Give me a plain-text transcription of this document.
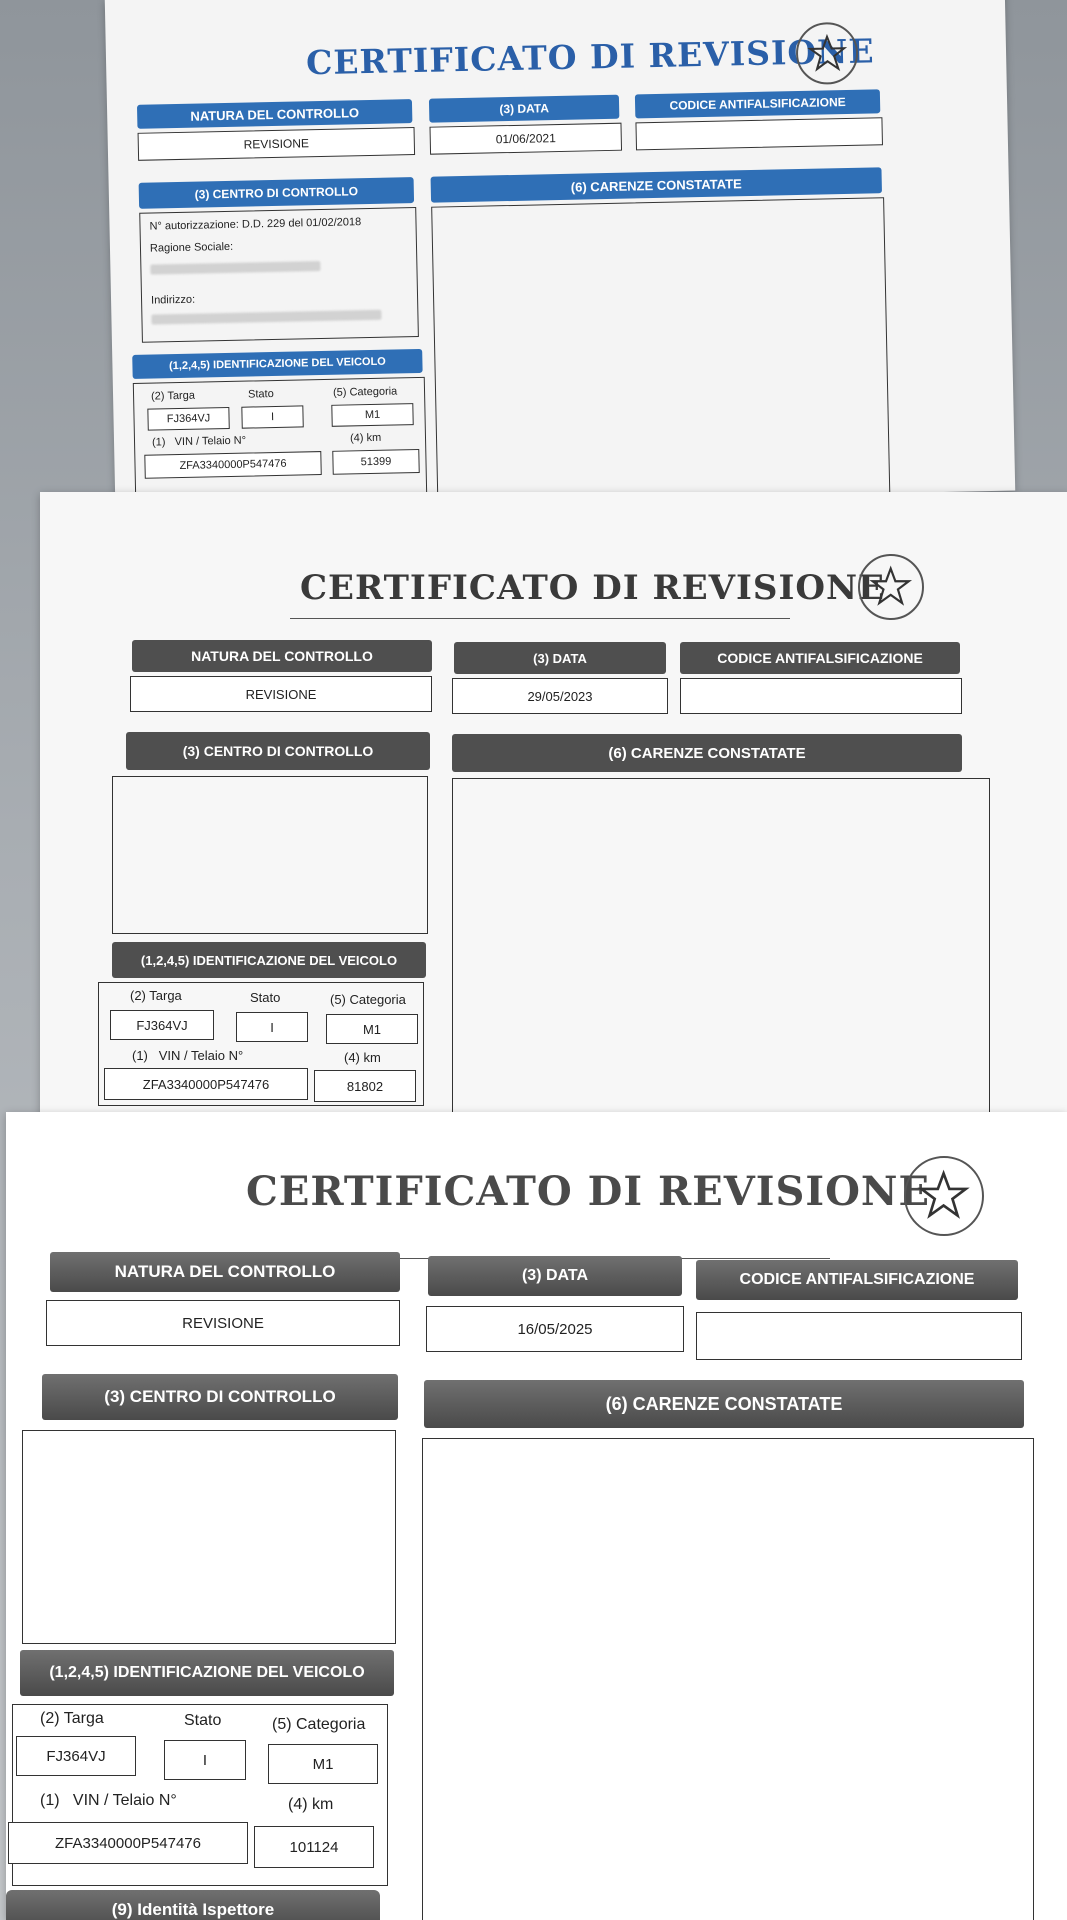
CERTIFICATO DI REVISIONE
NATURA DEL CONTROLLO
REVISIONE
(3) DATA
01/06/2021
CODICE ANTIFALSIFICAZIONE
(3) CENTRO DI CONTROLLO
N° autorizzazione: D.D. 229 del 01/02/2018
Ragione Sociale:
Indirizzo:
(6) CARENZE CONSTATATE
(1,2,4,5) IDENTIFICAZIONE DEL VEICOLO
(2) Targa	Stato	(5) Categoria
FJ364VJ	I	M1
(1)   VIN / Telaio N°	(4) km
ZFA3340000P547476	51399
CERTIFICATO DI REVISIONE
NATURA DEL CONTROLLO
REVISIONE
(3) DATA
29/05/2023
CODICE ANTIFALSIFICAZIONE
(3) CENTRO DI CONTROLLO	(6) CARENZE CONSTATATE
(1,2,4,5) IDENTIFICAZIONE DEL VEICOLO
(2) Targa	Stato	(5) Categoria
FJ364VJ	I	M1
(1)   VIN / Telaio N°	(4) km
ZFA3340000P547476	81802
CERTIFICATO DI REVISIONE
NATURA DEL CONTROLLO
REVISIONE
(3) DATA
16/05/2025
CODICE ANTIFALSIFICAZIONE
(3) CENTRO DI CONTROLLO	(6) CARENZE CONSTATATE
(1,2,4,5) IDENTIFICAZIONE DEL VEICOLO
(2) Targa	Stato	(5) Categoria
FJ364VJ	I	M1
(1)   VIN / Telaio N°	(4) km
ZFA3340000P547476	101124
(9) Identità Ispettore
